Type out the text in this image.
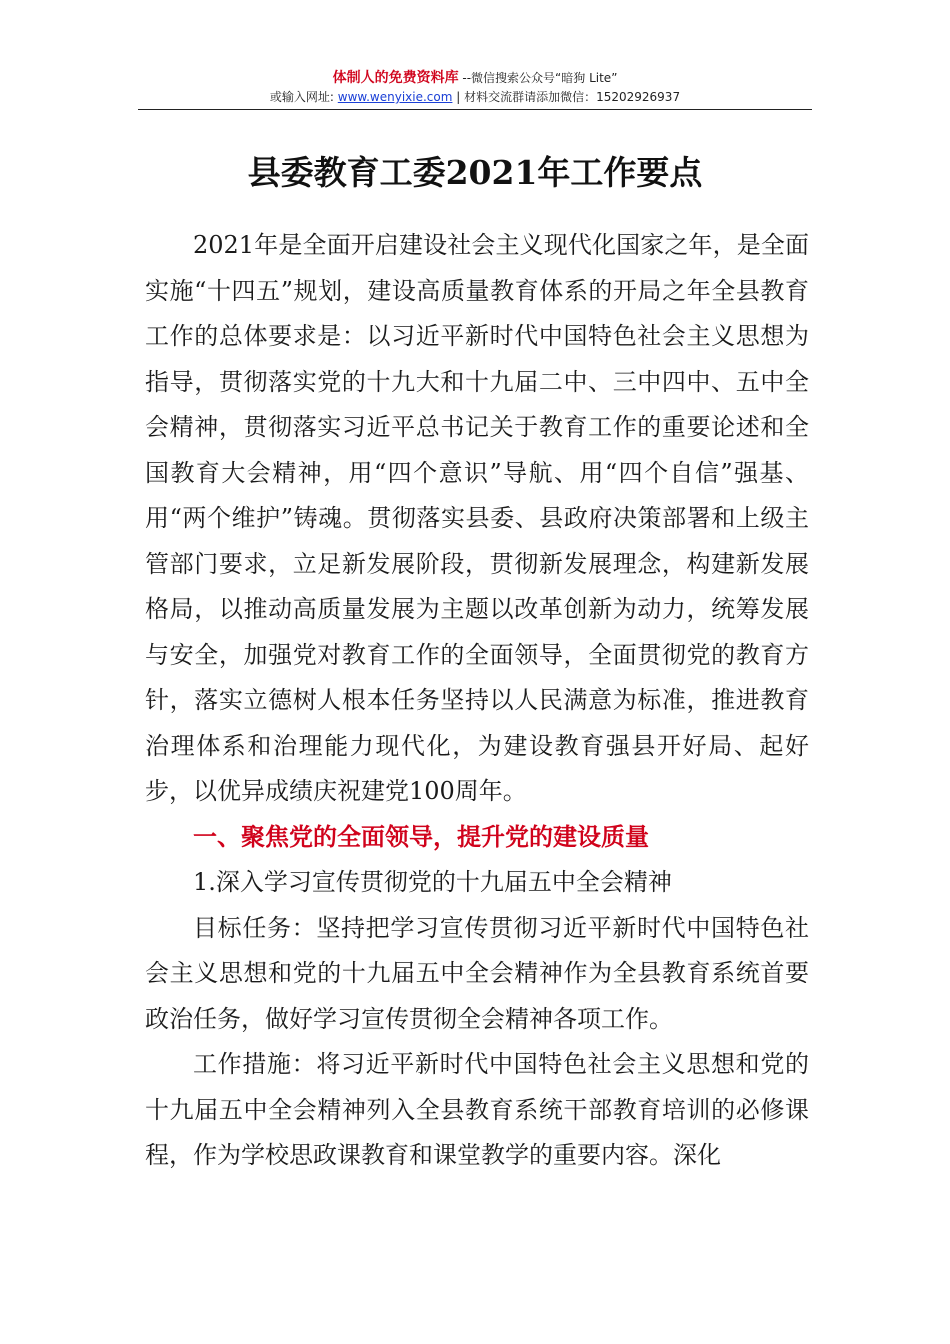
体制人的免费资料库 --微信搜索公众号“暗狗 Lite”
或输入网址: www.wenyixie.com | 材料交流群请添加微信：15202926937
县委教育工委2021年工作要点

2021年是全面开启建设社会主义现代化国家之年，是全面实施“十四五”规划，建设高质量教育体系的开局之年全县教育工作的总体要求是：以习近平新时代中国特色社会主义思想为指导，贯彻落实党的十九大和十九届二中、三中四中、五中全会精神，贯彻落实习近平总书记关于教育工作的重要论述和全国教育大会精神，用“四个意识”导航、用“四个自信”强基、用“两个维护”铸魂。贯彻落实县委、县政府决策部署和上级主管部门要求，立足新发展阶段，贯彻新发展理念，构建新发展格局，以推动高质量发展为主题以改革创新为动力，统筹发展与安全，加强党对教育工作的全面领导，全面贯彻党的教育方针，落实立德树人根本任务坚持以人民满意为标准，推进教育治理体系和治理能力现代化，为建设教育强县开好局、起好步，以优异成绩庆祝建党100周年。

一、聚焦党的全面领导，提升党的建设质量

1.深入学习宣传贯彻党的十九届五中全会精神

目标任务：坚持把学习宣传贯彻习近平新时代中国特色社会主义思想和党的十九届五中全会精神作为全县教育系统首要政治任务，做好学习宣传贯彻全会精神各项工作。

工作措施：将习近平新时代中国特色社会主义思想和党的十九届五中全会精神列入全县教育系统干部教育培训的必修课程，作为学校思政课教育和课堂教学的重要内容。深化
